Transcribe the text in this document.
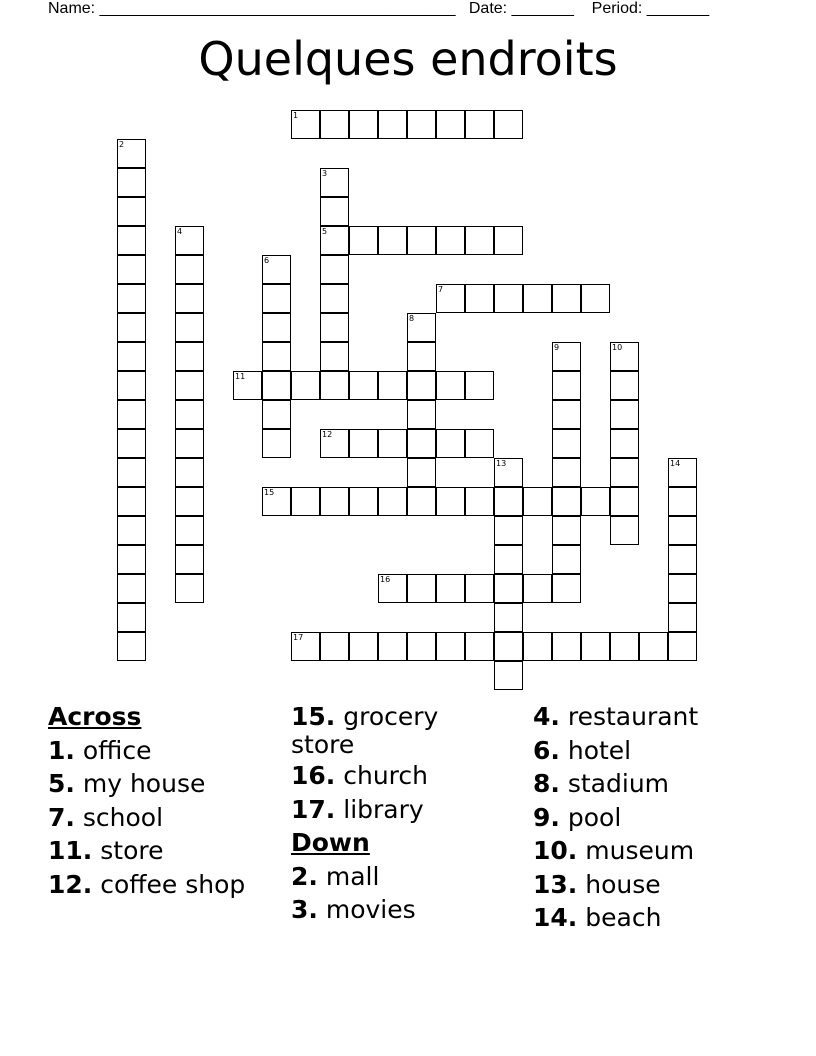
Name: ________________________________________ Date: _______ Period: _______
Quelques endroits
1
2
3
5
4
6
7
8
9	10
11
12
13	14
15
16
17
Across
1. office
5. my house
7. school
11. store
12. coffee shop
15. grocery store
16. church
17. library
Down
2. mall
3. movies
4. restaurant
6. hotel
8. stadium
9. pool
10. museum
13. house
14. beach
